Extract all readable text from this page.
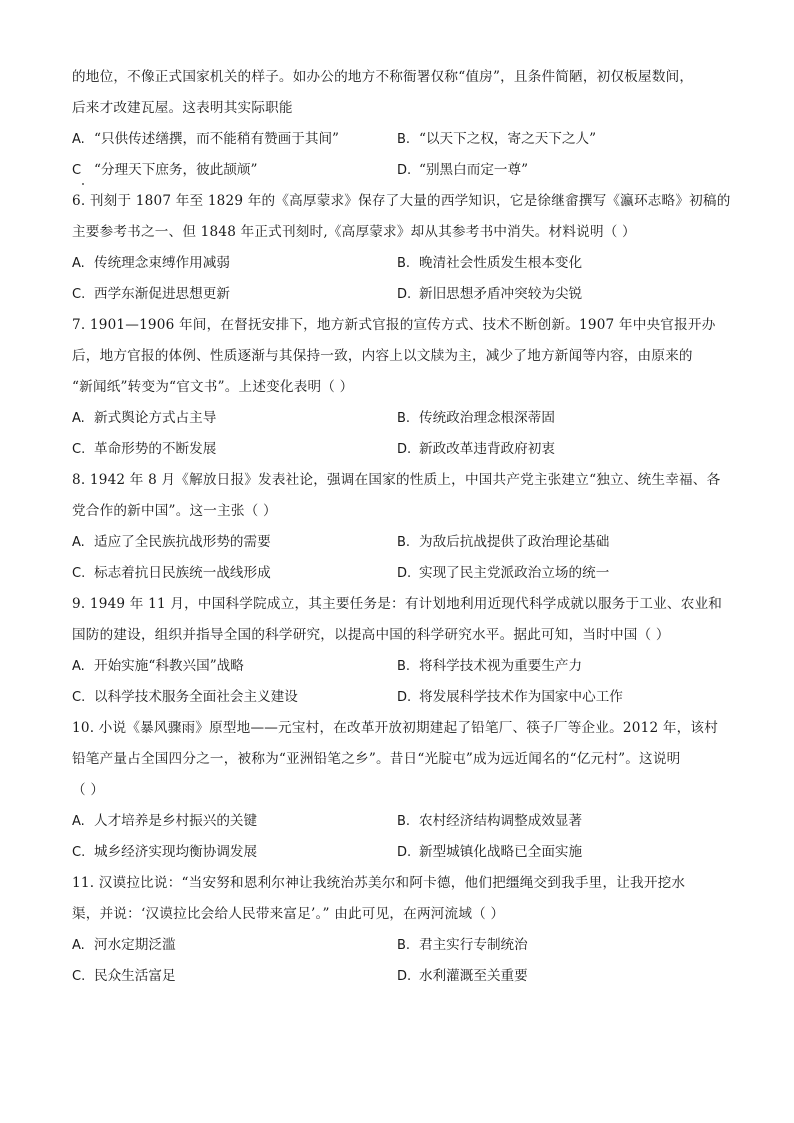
的地位，不像正式国家机关的样子。如办公的地方不称衙署仅称“值房”，且条件简陋，初仅板屋数间，
后来才改建瓦屋。这表明其实际职能
A. “只供传述缮撰，而不能稍有赞画于其间”	B. “以天下之权，寄之天下之人”
C “分理天下庶务，彼此颉颃”	D. “别黑白而定一尊”
6. 刊刻于 1807 年至 1829 年的《高厚蒙求》保存了大量的西学知识，它是徐继畲撰写《瀛环志略》初稿的
主要参考书之一、但 1848 年正式刊刻时,《高厚蒙求》却从其参考书中消失。材料说明（ ）
A. 传统理念束缚作用减弱	B. 晚清社会性质发生根本变化
C. 西学东渐促进思想更新	D. 新旧思想矛盾冲突较为尖锐
7. 1901—1906 年间，在督抚安排下，地方新式官报的宣传方式、技术不断创新。1907 年中央官报开办
后，地方官报的体例、性质逐渐与其保持一致，内容上以文牍为主，减少了地方新闻等内容，由原来的
“新闻纸”转变为“官文书”。上述变化表明（ ）
A. 新式舆论方式占主导	B. 传统政治理念根深蒂固
C. 革命形势的不断发展	D. 新政改革违背政府初衷
8. 1942 年 8 月《解放日报》发表社论，强调在国家的性质上，中国共产党主张建立“独立、统生幸福、各
党合作的新中国”。这一主张（ ）
A. 适应了全民族抗战形势的需要	B. 为敌后抗战提供了政治理论基础
C. 标志着抗日民族统一战线形成	D. 实现了民主党派政治立场的统一
9. 1949 年 11 月，中国科学院成立，其主要任务是：有计划地利用近现代科学成就以服务于工业、农业和
国防的建设，组织并指导全国的科学研究，以提高中国的科学研究水平。据此可知，当时中国（ ）
A. 开始实施“科教兴国”战略	B. 将科学技术视为重要生产力
C. 以科学技术服务全面社会主义建设	D. 将发展科学技术作为国家中心工作
10. 小说《暴风骤雨》原型地——元宝村，在改革开放初期建起了铅笔厂、筷子厂等企业。2012 年，该村
铅笔产量占全国四分之一，被称为“亚洲铅笔之乡”。昔日“光腚屯”成为远近闻名的“亿元村”。这说明
（ ）
A. 人才培养是乡村振兴的关键	B. 农村经济结构调整成效显著
C. 城乡经济实现均衡协调发展	D. 新型城镇化战略已全面实施
11. 汉谟拉比说：“当安努和恩利尔神让我统治苏美尔和阿卡德，他们把缰绳交到我手里，让我开挖水
渠，并说：‘汉谟拉比会给人民带来富足’。” 由此可见，在两河流域（ ）
A. 河水定期泛滥	B. 君主实行专制统治
C. 民众生活富足	D. 水利灌溉至关重要
